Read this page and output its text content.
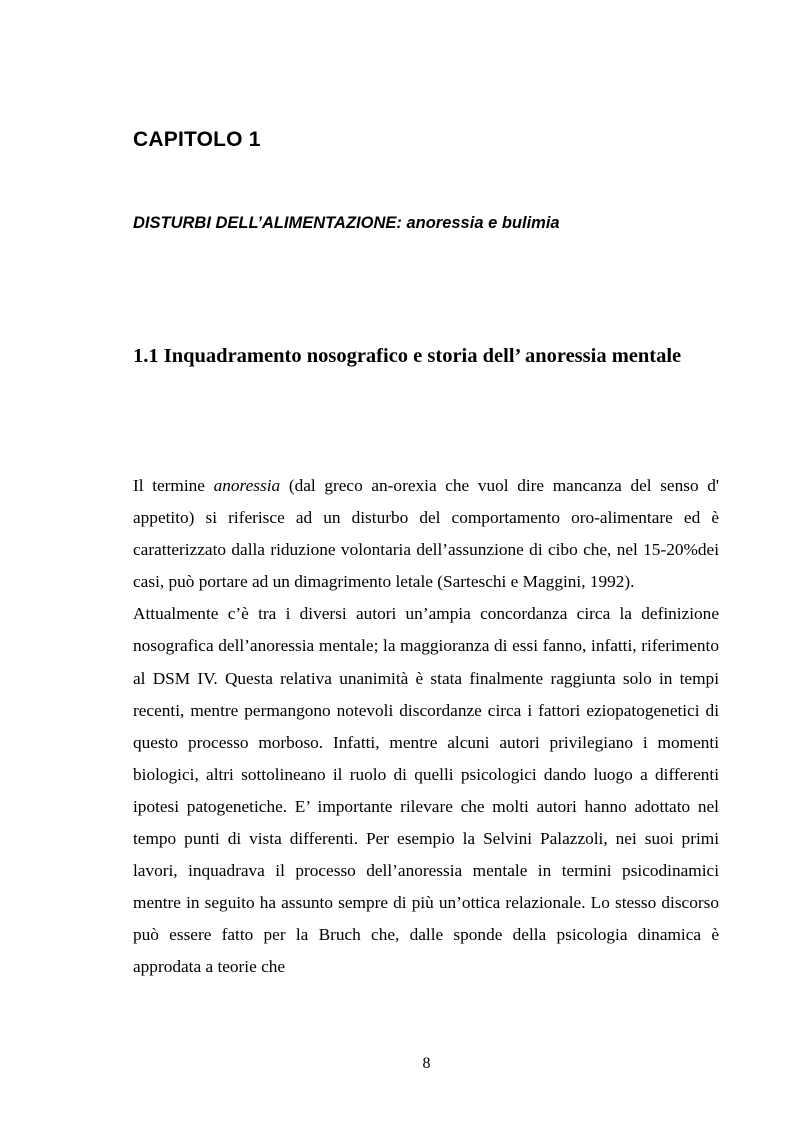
CAPITOLO 1
DISTURBI DELL’ALIMENTAZIONE: anoressia e bulimia
1.1 Inquadramento nosografico e storia dell’ anoressia mentale

Il termine anoressia (dal greco an-orexia che vuol dire mancanza del senso d' appetito) si riferisce ad un disturbo del comportamento oro-alimentare ed è caratterizzato dalla riduzione volontaria dell’assunzione di cibo che, nel 15-20%dei casi, può portare ad un dimagrimento letale (Sarteschi e Maggini, 1992).

Attualmente c’è tra i diversi autori un’ampia concordanza circa la definizione nosografica dell’anoressia mentale; la maggioranza di essi fanno, infatti, riferimento al DSM IV. Questa relativa unanimità è stata finalmente raggiunta solo in tempi recenti, mentre permangono notevoli discordanze circa i fattori eziopatogenetici di questo processo morboso. Infatti, mentre alcuni autori privilegiano i momenti biologici, altri sottolineano il ruolo di quelli psicologici dando luogo a differenti ipotesi patogenetiche. E’ importante rilevare che molti autori hanno adottato nel tempo punti di vista differenti. Per esempio la Selvini Palazzoli, nei suoi primi lavori, inquadrava il processo dell’anoressia mentale in termini psicodinamici mentre in seguito ha assunto sempre di più un’ottica relazionale. Lo stesso discorso può essere fatto per la Bruch che, dalle sponde della psicologia dinamica è approdata a teorie che

8
